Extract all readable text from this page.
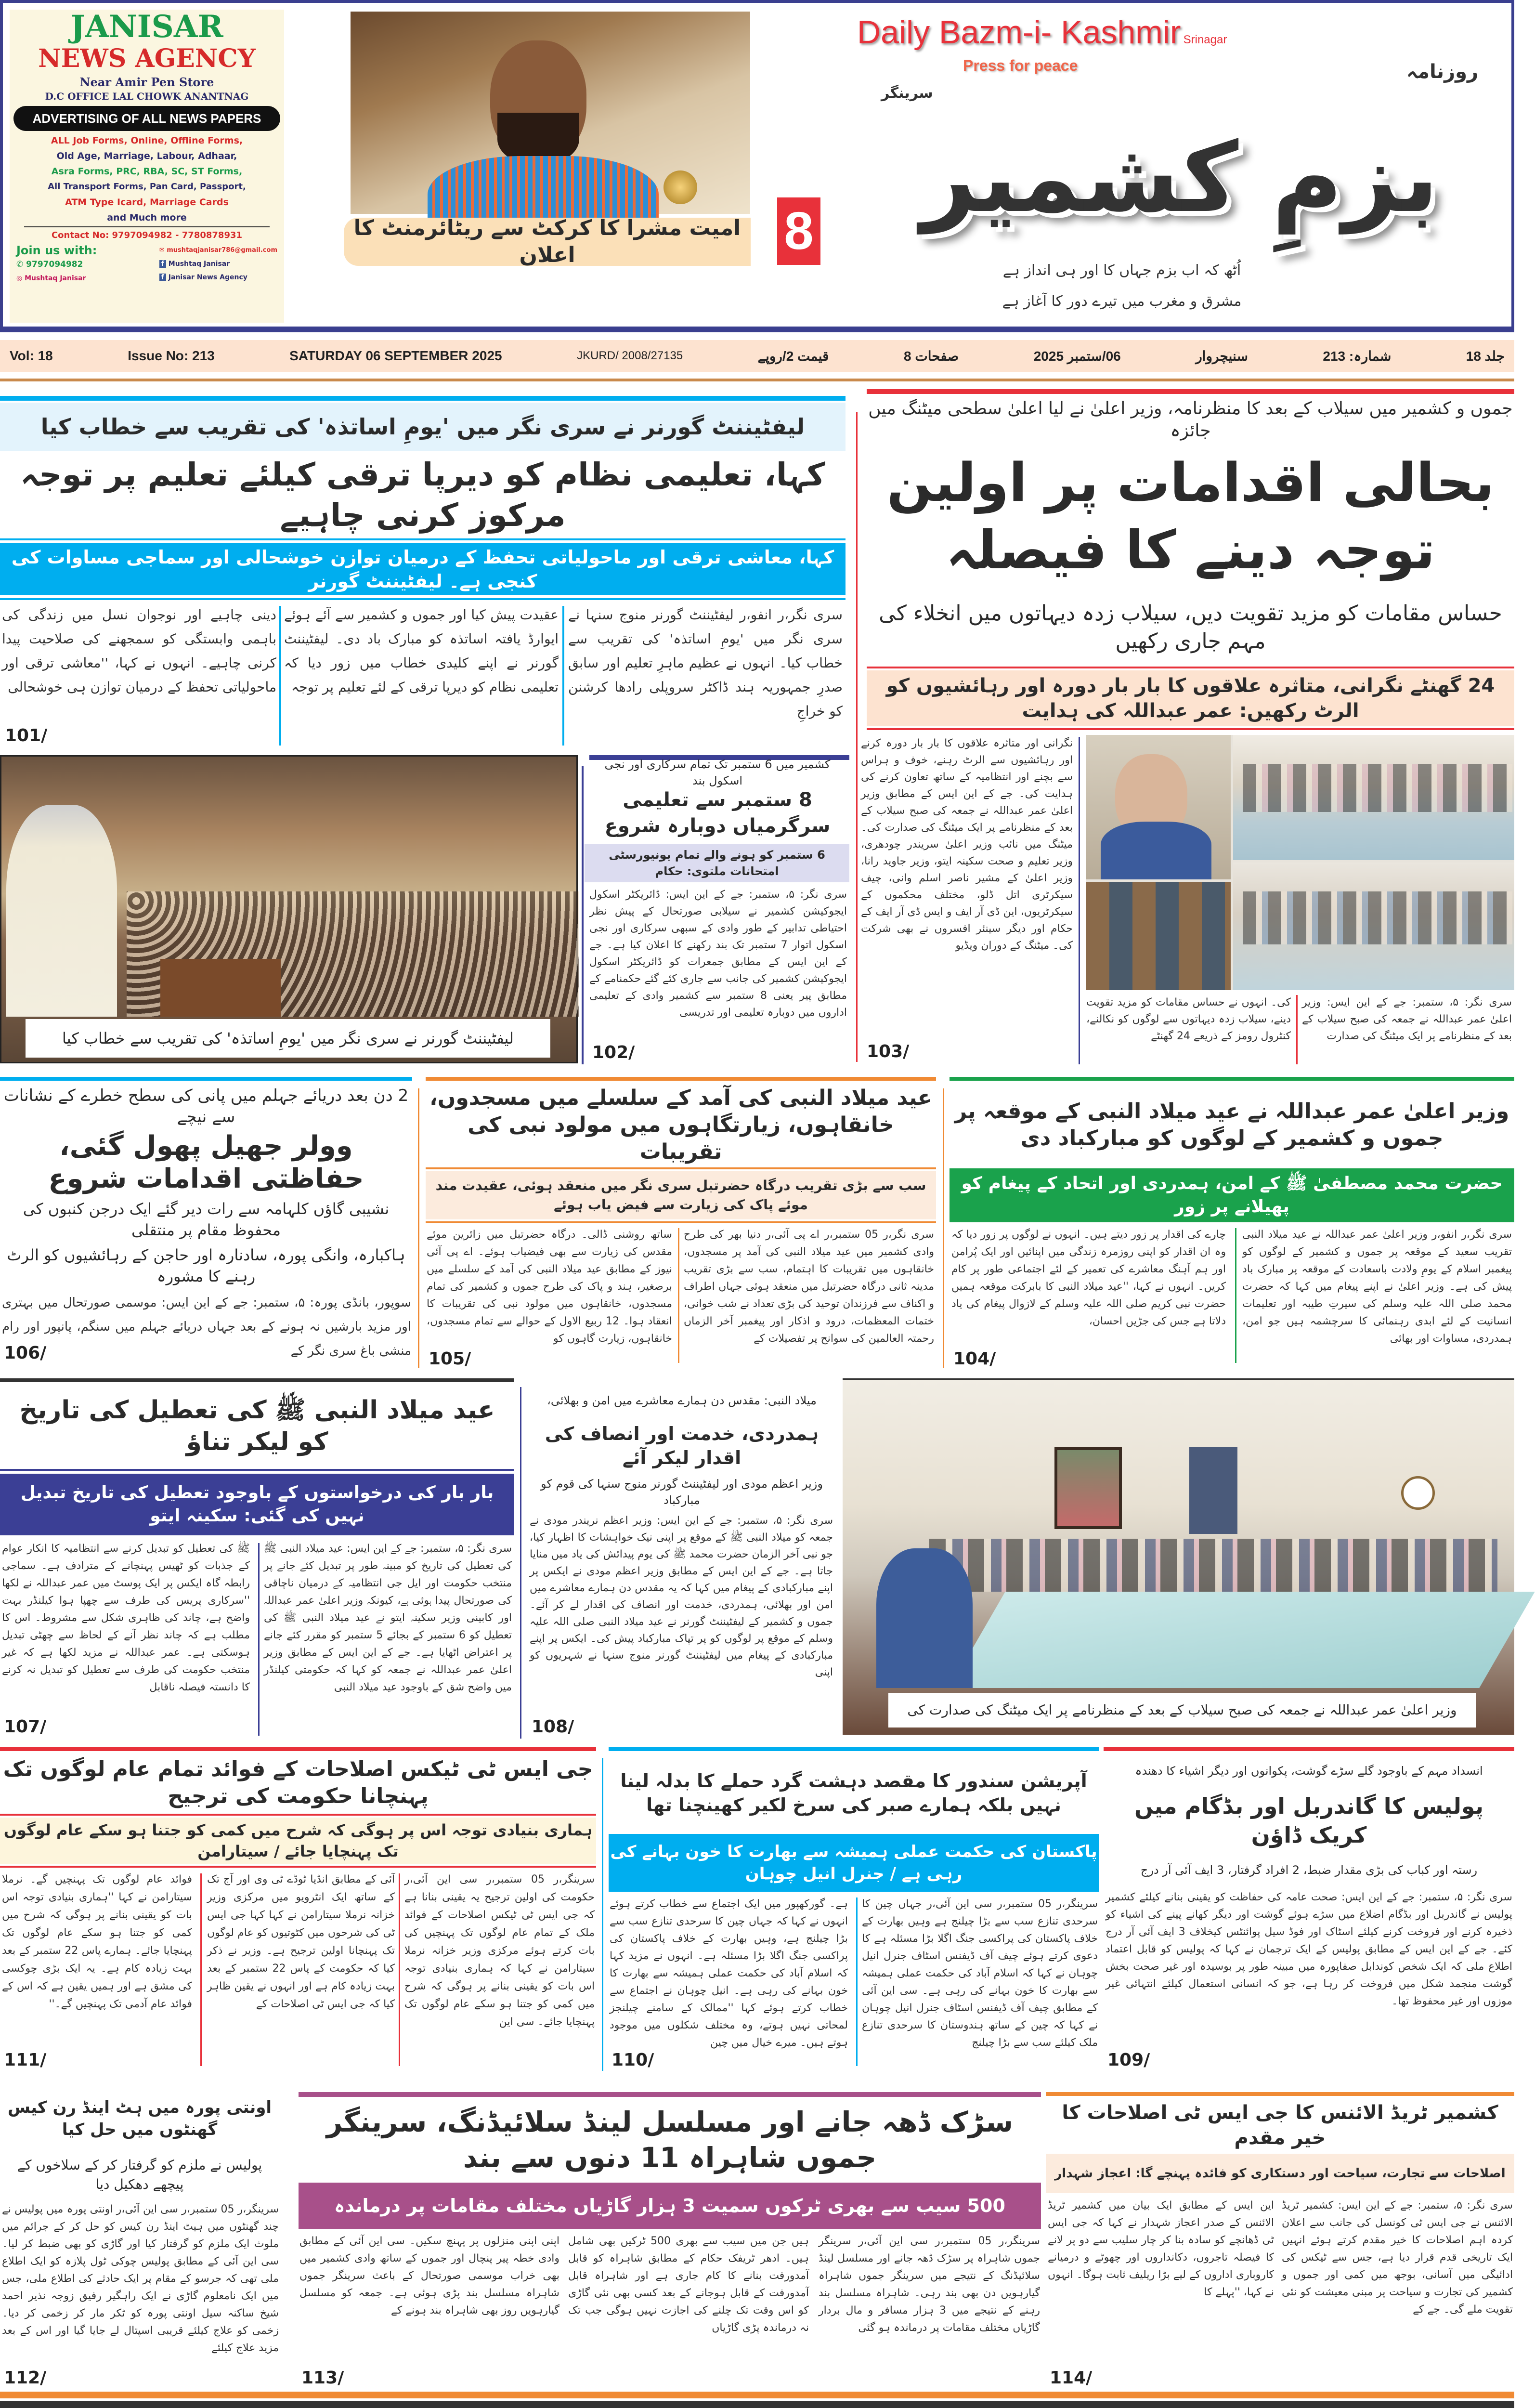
JANISAR
NEWS AGENCY
Near Amir Pen Store
D.C OFFICE LAL CHOWK ANANTNAG
ADVERTISING OF ALL NEWS PAPERS
ALL Job Forms, Online, Offline Forms,
Old Age, Marriage, Labour, Adhaar,
Asra Forms, PRC, RBA, SC, ST Forms,
All Transport Forms, Pan Card, Passport,
ATM Type Icard, Marriage Cards
and Much more
Contact No: 9797094982 - 7780878931
Join us with:
✆ 9797094982
◎ Mushtaq Janisar
✉ mushtaqjanisar786@gmail.com
f Mushtaq Janisar
f Janisar News Agency
امیت مشرا کا کرکٹ سے ریٹائرمنٹ کا اعلان	8
Daily Bazm-i- Kashmir Srinagar
Press for peace	روزنامہ
سرینگر
بزمِ کشمیر
اُٹھ کہ اب بزم جہاں کا اور ہی انداز ہے
مشرق و مغرب میں تیرے دور کا آغاز ہے
Vol: 18	Issue No: 213	SATURDAY 06 SEPTEMBER 2025	JKURD/ 2008/27135	قیمت 2/روپے	صفحات 8	06/ستمبر 2025	سنیچروار	شمارہ: 213	جلد 18
لیفٹیننٹ گورنر نے سری نگر میں 'یومِ اساتذہ' کی تقریب سے خطاب کیا
کہا، تعلیمی نظام کو دیرپا ترقی کیلئے تعلیم پر توجہ مرکوز کرنی چاہیے
کہا، معاشی ترقی اور ماحولیاتی تحفظ کے درمیان توازن خوشحالی اور سماجی مساوات کی کنجی ہے۔ لیفٹیننٹ گورنر
سری نگر،ر انفو،ر لیفٹیننٹ گورنر منوج سنہا نے سری نگر میں 'یومِ اساتذہ' کی تقریب سے خطاب کیا۔ انہوں نے عظیم ماہرِ تعلیم اور سابق صدرِ جمہوریہ ہند ڈاکٹر سروپلی رادھا کرشنن کو خراجِ
عقیدت پیش کیا اور جموں و کشمیر سے آئے ہوئے ایوارڈ یافتہ اساتذہ کو مبارک باد دی۔ لیفٹیننٹ گورنر نے اپنے کلیدی خطاب میں زور دیا کہ تعلیمی نظام کو دیرپا ترقی کے لئے تعلیم پر توجہ
دینی چاہیے اور نوجوان نسل میں زندگی کی باہمی وابستگی کو سمجھنے کی صلاحیت پیدا کرنی چاہیے۔ انہوں نے کہا، ''معاشی ترقی اور ماحولیاتی تحفظ کے درمیان توازن ہی خوشحالی
101/
لیفٹیننٹ گورنر نے سری نگر میں 'یومِ اساتذہ' کی تقریب سے خطاب کیا
کشمیر میں 6 ستمبر تک تمام سرکاری اور نجی اسکول بند
8 ستمبر سے تعلیمی سرگرمیاں دوبارہ شروع
6 ستمبر کو ہونے والے تمام یونیورسٹی امتحانات ملتوی: حکام
سری نگر: ۵، ستمبر: جے کے این ایس: ڈائریکٹر اسکول ایجوکیشن کشمیر نے سیلابی صورتحال کے پیش نظر احتیاطی تدابیر کے طور وادی کے سبھی سرکاری اور نجی اسکول اتوار 7 ستمبر تک بند رکھنے کا اعلان کیا ہے۔ جے کے این ایس کے مطابق جمعرات کو ڈائریکٹر اسکول ایجوکیشن کشمیر کی جانب سے جاری کئے گئے حکمنامے کے مطابق پیر یعنی 8 ستمبر سے کشمیر وادی کے تعلیمی اداروں میں دوبارہ تعلیمی اور تدریسی
102/
جموں و کشمیر میں سیلاب کے بعد کا منظرنامہ، وزیر اعلیٰ نے لیا اعلیٰ سطحی میٹنگ میں جائزہ
بحالی اقدامات پر اولین توجہ دینے کا فیصلہ
حساس مقامات کو مزید تقویت دیں، سیلاب زدہ دیہاتوں میں انخلاء کی مہم جاری رکھیں
24 گھنٹے نگرانی، متاثرہ علاقوں کا بار بار دورہ اور رہائشیوں کو الرٹ رکھیں: عمر عبداللہ کی ہدایت
نگرانی اور متاثرہ علاقوں کا بار بار دورہ کرنے اور رہائشیوں سے الرٹ رہنے، خوف و ہراس سے بچنے اور انتظامیہ کے ساتھ تعاون کرنے کی ہدایت کی۔ جے کے این ایس کے مطابق وزیر اعلیٰ عمر عبداللہ نے جمعہ کی صبح سیلاب کے بعد کے منظرنامے پر ایک میٹنگ کی صدارت کی۔ میٹنگ میں نائب وزیر اعلیٰ سریندر چودھری، وزیر تعلیم و صحت سکینہ ایتو، وزیر جاوید رانا، وزیر اعلیٰ کے مشیر ناصر اسلم وانی، چیف سیکرٹری اتل ڈلو، مختلف محکموں کے سیکرٹریوں، این ڈی آر ایف و ایس ڈی آر ایف کے حکام اور دیگر سینئر افسروں نے بھی شرکت کی۔ میٹنگ کے دوران ویڈیو
103/
سری نگر: ۵، ستمبر: جے کے این ایس: وزیر اعلیٰ عمر عبداللہ نے جمعہ کی صبح سیلاب کے بعد کے منظرنامے پر ایک میٹنگ کی صدارت
کی۔ انہوں نے حساس مقامات کو مزید تقویت دینے، سیلاب زدہ دیہاتوں سے لوگوں کو نکالنے، کنٹرول رومز کے ذریعے 24 گھنٹے
2 دن بعد دریائے جہلم میں پانی کی سطح خطرے کے نشانات سے نیچے
وولر جھیل پھول گئی، حفاظتی اقدامات شروع
نشیبی گاؤں کلہامہ سے رات دیر گئے ایک درجن کنبوں کی محفوظ مقام پر منتقلی
ہاکبارہ، وانگی پورہ، سادنارہ اور حاجن کے رہائشیوں کو الرٹ رہنے کا مشورہ
سوپور، بانڈی پورہ: ۵، ستمبر: جے کے این ایس: موسمی صورتحال میں بہتری اور مزید بارشیں نہ ہونے کے بعد جہاں دریائے جہلم میں سنگم، پانپور اور رام منشی باغ سری نگر کے
106/
عید میلاد النبی کی آمد کے سلسلے میں مسجدوں، خانقاہوں، زیارتگاہوں میں مولود نبی کی تقریبات
سب سے بڑی تقریب درگاہ حضرتبل سری نگر میں منعقد ہوئی، عقیدت مند موئے پاک کی زیارت سے فیض یاب ہوئے
سری نگر،ر 05 ستمبر،ر اے پی آئی،ر دنیا بھر کی طرح وادی کشمیر میں عید میلاد النبی کی آمد پر مسجدوں، خانقاہوں میں تقریبات کا اہتمام، سب سے بڑی تقریب مدینہ ثانی درگاہ حضرتبل میں منعقد ہوئی جہاں اطراف و اکناف سے فرزندان توحید کی بڑی تعداد نے شب خوانی، ختمات المعظمات، درود و اذکار اور پیغمبر آخر الزماں رحمتہ العالمین کی سوانح پر تفصیلات کے
ساتھ روشنی ڈالی۔ درگاہ حضرتبل میں زائرین موئے مقدس کی زیارت سے بھی فیضیاب ہوئے۔ اے پی آئی نیوز کے مطابق عید میلاد النبی کی آمد کے سلسلے میں برصغیر، ہند و پاک کی طرح جموں و کشمیر کی تمام مسجدوں، خانقاہوں میں مولود نبی کی تقریبات کا انعقاد ہوا۔ 12 ربیع الاول کے حوالے سے تمام مسجدوں، خانقاہوں، زیارت گاہوں کو
105/
وزیر اعلیٰ عمر عبداللہ نے عید میلاد النبی کے موقعہ پر جموں و کشمیر کے لوگوں کو مبارکباد دی
حضرت محمد مصطفیٰ ﷺ کے امن، ہمدردی اور اتحاد کے پیغام کو پھیلانے پر زور
سری نگر،ر انفو،ر وزیر اعلیٰ عمر عبداللہ نے عید میلاد النبی تقریب سعید کے موقعہ پر جموں و کشمیر کے لوگوں کو پیغمبر اسلام کے یومِ ولادت باسعادت کے موقعہ پر مبارک باد پیش کی ہے۔ وزیر اعلیٰ نے اپنے پیغام میں کہا کہ حضرت محمد صلی اللہ علیہ وسلم کی سیرتِ طیبہ اور تعلیمات انسانیت کے لئے ابدی رہنمائی کا سرچشمہ ہیں جو امن، ہمدردی، مساوات اور بھائی
چارے کی اقدار پر زور دیتے ہیں۔ انہوں نے لوگوں پر زور دیا کہ وہ ان اقدار کو اپنی روزمرہ زندگی میں اپنائیں اور ایک پُرامن اور ہم آہنگ معاشرے کی تعمیر کے لئے اجتماعی طور پر کام کریں۔ انہوں نے کہا، ''عید میلاد النبی کا بابرکت موقعہ ہمیں حضرت نبی کریم صلی اللہ علیہ وسلم کے لازوال پیغام کی یاد دلاتا ہے جس کی جڑیں احسان،
104/
عید میلاد النبی ﷺ کی تعطیل کی تاریخ کو لیکر تناؤ
بار بار کی درخواستوں کے باوجود تعطیل کی تاریخ تبدیل نہیں کی گئی: سکینہ ایتو
سری نگر: ۵، ستمبر: جے کے این ایس: عید میلاد النبی ﷺ کی تعطیل کی تاریخ کو مبینہ طور پر تبدیل کئے جانے پر منتخب حکومت اور ایل جی انتظامیہ کے درمیان ناچاقی کی صورتحال پیدا ہوئی ہے، کیونکہ وزیر اعلیٰ عمر عبداللہ اور کابینی وزیر سکینہ ایتو نے عید میلاد النبی ﷺ کی تعطیل کو 6 ستمبر کے بجائے 5 ستمبر کو مقرر کئے جانے پر اعتراض اٹھایا ہے۔ جے کے این ایس کے مطابق وزیر اعلیٰ عمر عبداللہ نے جمعہ کو کہا کہ حکومتی کیلنڈر میں واضح شق کے باوجود عید میلاد النبی
ﷺ کی تعطیل کو تبدیل کرنے سے انتظامیہ کا انکار عوام کے جذبات کو ٹھیس پہنچانے کے مترادف ہے۔ سماجی رابطہ گاہ ایکس پر ایک پوسٹ میں عمر عبداللہ نے لکھا ''سرکاری پریس کی طرف سے چھپا ہوا کیلنڈر بہت واضح ہے، چاند کی ظاہری شکل سے مشروط۔ اس کا مطلب ہے کہ چاند نظر آنے کے لحاظ سے چھٹی تبدیل ہوسکتی ہے۔ عمر عبداللہ نے مزید لکھا ہے کہ غیر منتخب حکومت کی طرف سے تعطیل کو تبدیل نہ کرنے کا دانستہ فیصلہ ناقابل
107/
میلاد النبی: مقدس دن ہمارے معاشرے میں امن و بھلائی،
ہمدردی، خدمت اور انصاف کی اقدار لیکر آئے
وزیر اعظم مودی اور لیفٹیننٹ گورنر منوج سنہا کی قوم کو مبارکباد
سری نگر: ۵، ستمبر: جے کے این ایس: وزیر اعظم نریندر مودی نے جمعہ کو میلاد النبی ﷺ کے موقع پر اپنی نیک خواہشات کا اظہار کیا، جو نبی آخر الزمان حضرت محمد ﷺ کی یوم پیدائش کی یاد میں منایا جاتا ہے۔ جے کے این ایس کے مطابق وزیر اعظم مودی نے ایکس پر اپنے مبارکبادی کے پیغام میں کہا کہ یہ مقدس دن ہمارے معاشرے میں امن اور بھلائی، ہمدردی، خدمت اور انصاف کی اقدار لے کر آئے۔ جموں و کشمیر کے لیفٹیننٹ گورنر نے عید میلاد النبی صلی اللہ علیہ وسلم کے موقع پر لوگوں کو پر تپاک مبارکباد پیش کی۔ ایکس پر اپنے مبارکبادی کے پیغام میں لیفٹیننٹ گورنر منوج سنہا نے شہریوں کو اپنی
108/
وزیر اعلیٰ عمر عبداللہ نے جمعہ کی صبح سیلاب کے بعد کے منظرنامے پر ایک میٹنگ کی صدارت کی
جی ایس ٹی ٹیکس اصلاحات کے فوائد تمام عام لوگوں تک پہنچانا حکومت کی ترجیح
ہماری بنیادی توجہ اس پر ہوگی کہ شرح میں کمی کو جتنا ہو سکے عام لوگوں تک پہنچایا جائے / سیتارامن
سرینگر،ر 05 ستمبر،ر سی این آئی،ر حکومت کی اولین ترجیح یہ یقینی بنانا ہے کہ جی ایس ٹی ٹیکس اصلاحات کے فوائد ملک کے تمام عام لوگوں تک پہنچیں کی بات کرتے ہوئے مرکزی وزیر خزانہ نرملا سیتارامن نے کہا کہ ہماری بنیادی توجہ اس بات کو یقینی بنانے پر ہوگی کہ شرح میں کمی کو جتنا ہو سکے عام لوگوں تک پہنچایا جائے۔ سی این
آئی کے مطابق انڈیا ٹوڈے ٹی وی اور آج تک کے ساتھ ایک انٹرویو میں مرکزی وزیر خزانہ نرملا سیتارامن نے کہا کہا جی ایس ٹی کی شرحوں میں کٹوتیوں کو عام لوگوں تک پہنچانا اولین ترجیح ہے۔ وزیر نے ذکر کیا کہ حکومت کے پاس 22 ستمبر کے بعد بہت زیادہ کام ہے اور انہوں نے یقین ظاہر کیا کہ جی ایس ٹی اصلاحات کے
فوائد عام لوگوں تک پہنچیں گے۔ نرملا سیتارامن نے کہا ''ہماری بنیادی توجہ اس بات کو یقینی بنانے پر ہوگی کہ شرح میں کمی کو جتنا ہو سکے عام لوگوں تک پہنچایا جائے۔ ہمارے پاس 22 ستمبر کے بعد بہت زیادہ کام ہے۔ یہ ایک بڑی چوکسی کی مشق ہے اور ہمیں یقین ہے کہ اس کے فوائد عام آدمی تک پہنچیں گے۔''
111/
آپریشن سندور کا مقصد دہشت گرد حملے کا بدلہ لینا نہیں بلکہ ہمارے صبر کی سرخ لکیر کھینچنا تھا
پاکستان کی حکمت عملی ہمیشہ سے بھارت کا خون بہانے کی رہی ہے / جنرل انیل چوہان
سرینگر،ر 05 ستمبر،ر سی این آئی،ر جہاں چین کا سرحدی تنازع سب سے بڑا چیلنج ہے وہیں بھارت کے خلاف پاکستان کی پراکسی جنگ اگلا بڑا مسئلہ ہے کا دعوی کرتے ہوئے چیف آف ڈیفنس اسٹاف جنرل انیل چوہان نے کہا کہ اسلام آباد کی حکمت عملی ہمیشہ سے بھارت کا خون بہانے کی رہی ہے۔ سی این آئی کے مطابق چیف آف ڈیفنس اسٹاف جنرل انیل چوہان نے کہا کہ چین کے ساتھ ہندوستان کا سرحدی تنازع ملک کیلئے سب سے بڑا چیلنج
ہے۔ گورکھپور میں ایک اجتماع سے خطاب کرتے ہوئے انہوں نے کہا کہ جہاں چین کا سرحدی تنازع سب سے بڑا چیلنج ہے، وہیں بھارت کے خلاف پاکستان کی پراکسی جنگ اگلا بڑا مسئلہ ہے۔ انہوں نے مزید کہا کہ اسلام آباد کی حکمت عملی ہمیشہ سے بھارت کا خون بہانے کی رہی ہے۔ انیل چوہان نے اجتماع سے خطاب کرتے ہوئے کہا ''ممالک کے سامنے چیلنجز لمحاتی نہیں ہوتے، وہ مختلف شکلوں میں موجود ہوتے ہیں۔ میرے خیال میں چین
110/
انسداد مہم کے باوجود گلے سڑے گوشت، پکوانوں اور دیگر اشیاء کا دھندہ
پولیس کا گاندربل اور بڈگام میں کریک ڈاؤن
رستہ اور کباب کی بڑی مقدار ضبط، 2 افراد گرفتار، 3 ایف آئی آر درج
سری نگر: ۵، ستمبر: جے کے این ایس: صحت عامہ کی حفاظت کو یقینی بنانے کیلئے کشمیر پولیس نے گاندربل اور بڈگام اضلاع میں سڑے ہوئے گوشت اور دیگر کھانے پینے کی اشیاء کو ذخیرہ کرنے اور فروخت کرنے کیلئے اسٹاک اور فوڈ سیل پوائنٹس کیخلاف 3 ایف آئی آر درج کئے۔ جے کے این ایس کے مطابق پولیس کے ایک ترجمان نے کہا کہ پولیس کو قابل اعتماد اطلاع ملی کہ ایک شخص کوندابل صفاپورہ میں مبینہ طور پر بوسیدہ اور غیر صحت بخش گوشت منجمد شکل میں فروخت کر رہا ہے، جو کہ انسانی استعمال کیلئے انتہائی غیر موزوں اور غیر محفوظ تھا۔
109/
اونتی پورہ میں ہٹ اینڈ رن کیس گھنٹوں میں حل کیا
پولیس نے ملزم کو گرفتار کر کے سلاخوں کے پیچھے دھکیل دیا
سرینگر،ر 05 ستمبر،ر سی این آئی،ر اونتی پورہ میں پولیس نے چند گھنٹوں میں ہیٹ اینڈ رن کیس کو حل کر کے جرائم میں ملوث ایک ملزم کو گرفتار کیا اور گاڑی کو بھی ضبط کر لیا۔ سی این آئی کے مطابق پولیس چوکی ٹول پلازہ کو ایک اطلاع ملی تھی کہ جرسو کے مقام پر ایک حادثے کی اطلاع ملی، جس میں ایک نامعلوم گاڑی نے ایک راہگیر رفیق زوجہ نذیر احمد شیخ ساکنہ سیل اونتی پورہ کو ٹکر مار کر زخمی کر دیا۔ زخمی کو علاج کیلئے قریبی اسپتال لے جایا گیا اور اس کے بعد مزید علاج کیلئے
112/
سڑک ڈھہ جانے اور مسلسل لینڈ سلائیڈنگ، سرینگر جموں شاہراہ 11 دنوں سے بند
500 سیب سے بھری ٹرکوں سمیت 3 ہزار گاڑیاں مختلف مقامات پر درماندہ
سرینگر،ر 05 ستمبر،ر سی این آئی،ر سرینگر جموں شاہراہ پر سڑک ڈھہ جانے اور مسلسل لینڈ سلائیڈنگ کے نتیجے میں سرینگر جموں شاہراہ گیارہویں دن بھی بند رہی۔ شاہراہ مسلسل بند رہنے کے نتیجے میں 3 ہزار مسافر و مال بردار گاڑیاں مختلف مقامات پر درماندہ ہو گئی
ہیں جن میں سیب سے بھری 500 ٹرکیں بھی شامل ہیں۔ ادھر ٹریفک حکام کے مطابق شاہراہ کو قابل آمدورفت بنانے کا کام جاری ہے اور شاہراہ قابل آمدورفت کے قابل ہوجانے کے بعد کسی بھی نئی گاڑی کو اس وقت تک چلنے کی اجازت نہیں ہوگی جب تک نہ درماندہ پڑی گاڑیاں
اپنی اپنی منزلوں پر پہنچ سکیں۔ سی این آئی کے مطابق وادی خطہ پیر پنچال اور جموں کے ساتھ وادی کشمیر میں بھی خراب موسمی صورتحال کے باعث سرینگر جموں شاہراہ مسلسل بند پڑی ہوئی ہے۔ جمعہ کو مسلسل گیارہویں روز بھی شاہراہ بند ہونے کے
113/
کشمیر ٹریڈ الائنس کا جی ایس ٹی اصلاحات کا خیر مقدم
اصلاحات سے تجارت، سیاحت اور دستکاری کو فائدہ پہنچے گا: اعجاز شہدار
سری نگر: ۵، ستمبر: جے کے این ایس: کشمیر ٹریڈ الائنس نے جی ایس ٹی کونسل کی جانب سے اعلان کردہ اہم اصلاحات کا خیر مقدم کرتے ہوئے انہیں ایک تاریخی قدم قرار دیا ہے، جس سے ٹیکس کی ادائیگی میں آسانی، بوجھ میں کمی اور جموں و کشمیر کی تجارت و سیاحت پر مبنی معیشت کو نئی تقویت ملے گی۔ جے کے
این ایس کے مطابق ایک بیان میں کشمیر ٹریڈ الائنس کے صدر اعجاز شہدار نے کہا کہ جی ایس ٹی ڈھانچے کو سادہ بنا کر چار سلیب سے دو پر لانے کا فیصلہ تاجروں، دکانداروں اور چھوٹے و درمیانے کاروباری اداروں کے لیے بڑا ریلیف ثابت ہوگا۔ انہوں نے کہا، ''پہلے کا
114/
